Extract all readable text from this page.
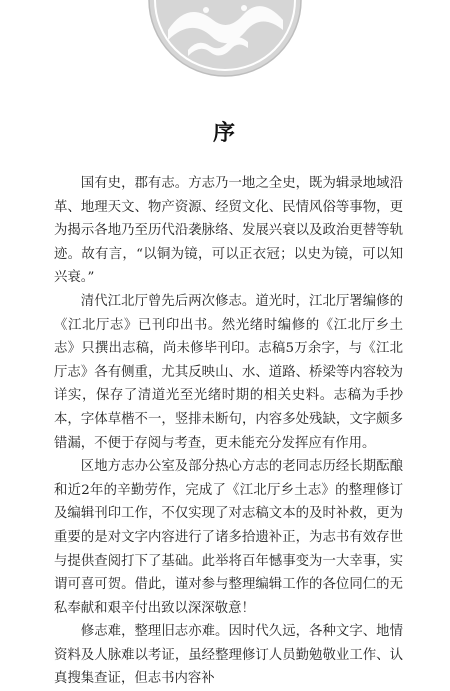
序

国有史，郡有志。方志乃一地之全史，既为辑录地域沿革、地理天文、物产资源、经贸文化、民情风俗等事物，更为揭示各地乃至历代沿袭脉络、发展兴衰以及政治更替等轨迹。故有言，“以铜为镜，可以正衣冠；以史为镜，可以知兴衰。”

清代江北厅曾先后两次修志。道光时，江北厅署编修的《江北厅志》已刊印出书。然光绪时编修的《江北厅乡土志》只撰出志稿，尚未修毕刊印。志稿5万余字，与《江北厅志》各有侧重，尤其反映山、水、道路、桥梁等内容较为详实，保存了清道光至光绪时期的相关史料。志稿为手抄本，字体草楷不一，竖排未断句，内容多处残缺，文字颇多错漏，不便于存阅与考查，更未能充分发挥应有作用。

区地方志办公室及部分热心方志的老同志历经长期酝酿和近2年的辛勤劳作，完成了《江北厅乡土志》的整理修订及编辑刊印工作，不仅实现了对志稿文本的及时补救，更为重要的是对文字内容进行了诸多拾遗补正，为志书有效存世与提供查阅打下了基础。此举将百年憾事变为一大幸事，实谓可喜可贺。借此，谨对参与整理编辑工作的各位同仁的无私奉献和艰辛付出致以深深敬意！

修志难，整理旧志亦难。因时代久远，各种文字、地情资料及人脉难以考证，虽经整理修订人员勤勉敬业工作、认真搜集查证，但志书内容补
